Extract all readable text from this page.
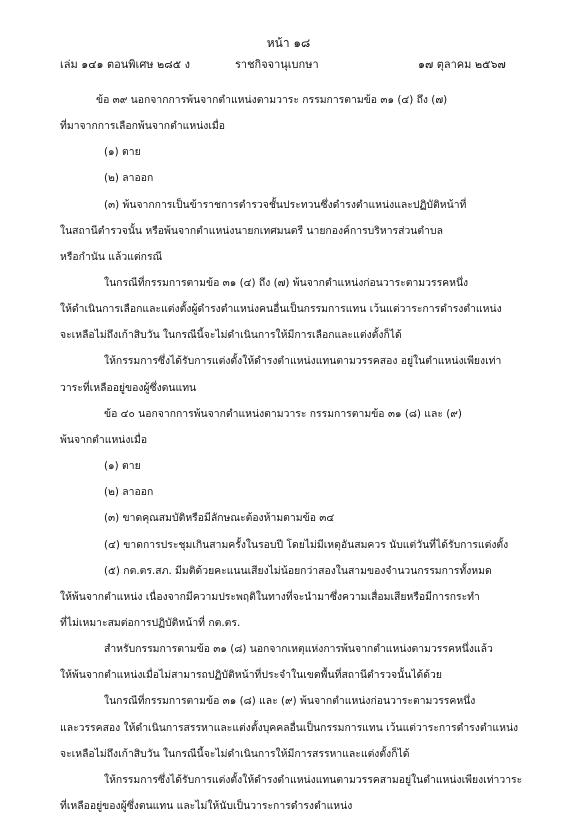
หน้า ๑๘
เล่ม ๑๔๑ ตอนพิเศษ ๒๘๕ ง	ราชกิจจานุเบกษา	๑๗ ตุลาคม ๒๕๖๗
ข้อ ๓๙ นอกจากการพ้นจากตำแหน่งตามวาระ กรรมการตามข้อ ๓๑ (๔) ถึง (๗)
ที่มาจากการเลือกพ้นจากตำแหน่งเมื่อ
(๑) ตาย
(๒) ลาออก
(๓) พ้นจากการเป็นข้าราชการตำรวจชั้นประทวนซึ่งดำรงตำแหน่งและปฏิบัติหน้าที่
ในสถานีตำรวจนั้น หรือพ้นจากตำแหน่งนายกเทศมนตรี นายกองค์การบริหารส่วนตำบล
หรือกำนัน แล้วแต่กรณี
ในกรณีที่กรรมการตามข้อ ๓๑ (๔) ถึง (๗) พ้นจากตำแหน่งก่อนวาระตามวรรคหนึ่ง
ให้ดำเนินการเลือกและแต่งตั้งผู้ดำรงตำแหน่งคนอื่นเป็นกรรมการแทน เว้นแต่วาระการดำรงตำแหน่ง
จะเหลือไม่ถึงเก้าสิบวัน ในกรณีนี้จะไม่ดำเนินการให้มีการเลือกและแต่งตั้งก็ได้
ให้กรรมการซึ่งได้รับการแต่งตั้งให้ดำรงตำแหน่งแทนตามวรรคสอง อยู่ในตำแหน่งเพียงเท่า
วาระที่เหลืออยู่ของผู้ซึ่งตนแทน
ข้อ ๔๐ นอกจากการพ้นจากตำแหน่งตามวาระ กรรมการตามข้อ ๓๑ (๘) และ (๙)
พ้นจากตำแหน่งเมื่อ
(๑) ตาย
(๒) ลาออก
(๓) ขาดคุณสมบัติหรือมีลักษณะต้องห้ามตามข้อ ๓๔
(๔) ขาดการประชุมเกินสามครั้งในรอบปี โดยไม่มีเหตุอันสมควร นับแต่วันที่ได้รับการแต่งตั้ง
(๕) กต.ตร.สภ. มีมติด้วยคะแนนเสียงไม่น้อยกว่าสองในสามของจำนวนกรรมการทั้งหมด
ให้พ้นจากตำแหน่ง เนื่องจากมีความประพฤติในทางที่จะนำมาซึ่งความเสื่อมเสียหรือมีการกระทำ
ที่ไม่เหมาะสมต่อการปฏิบัติหน้าที่ กต.ตร.
สำหรับกรรมการตามข้อ ๓๑ (๘) นอกจากเหตุแห่งการพ้นจากตำแหน่งตามวรรคหนึ่งแล้ว
ให้พ้นจากตำแหน่งเมื่อไม่สามารถปฏิบัติหน้าที่ประจำในเขตพื้นที่สถานีตำรวจนั้นได้ด้วย
ในกรณีที่กรรมการตามข้อ ๓๑ (๘) และ (๙) พ้นจากตำแหน่งก่อนวาระตามวรรคหนึ่ง
และวรรคสอง ให้ดำเนินการสรรหาและแต่งตั้งบุคคลอื่นเป็นกรรมการแทน เว้นแต่วาระการดำรงตำแหน่ง
จะเหลือไม่ถึงเก้าสิบวัน ในกรณีนี้จะไม่ดำเนินการให้มีการสรรหาและแต่งตั้งก็ได้
ให้กรรมการซึ่งได้รับการแต่งตั้งให้ดำรงตำแหน่งแทนตามวรรคสามอยู่ในตำแหน่งเพียงเท่าวาระ
ที่เหลืออยู่ของผู้ซึ่งตนแทน และไม่ให้นับเป็นวาระการดำรงตำแหน่ง
